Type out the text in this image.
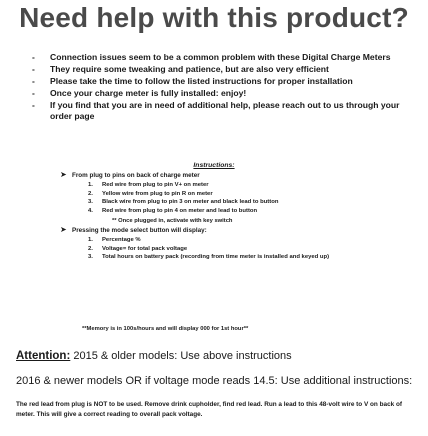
Need help with this product?
- Connection issues seem to be a common problem with these Digital Charge Meters
- They require some tweaking and patience, but are also very efficient
- Please take the time to follow the listed instructions for proper installation
- Once your charge meter is fully installed: enjoy!
- If you find that you are in need of additional help, please reach out to us through your order page
Instructions:
➤ From plug to pins on back of charge meter
1. Red wire from plug to pin V+ on meter
2. Yellow wire from plug to pin R on meter
3. Black wire from plug to pin 3 on meter and black lead to button
4. Red wire from plug to pin 4 on meter and lead to button
** Once plugged in, activate with key switch
➤ Pressing the mode select button will display:
1. Percentage %
2. Voltage= for total pack voltage
3. Total hours on battery pack (recording from time meter is installed and keyed up)
**Memory is in 100s/hours and will display 000 for 1st hour**
Attention: 2015 & older models: Use above instructions
2016 & newer models OR if voltage mode reads 14.5: Use additional instructions:
The red lead from plug is NOT to be used. Remove drink cupholder, find red lead. Run a lead to this 48-volt wire to V on back of meter. This will give a correct reading to overall pack voltage.
